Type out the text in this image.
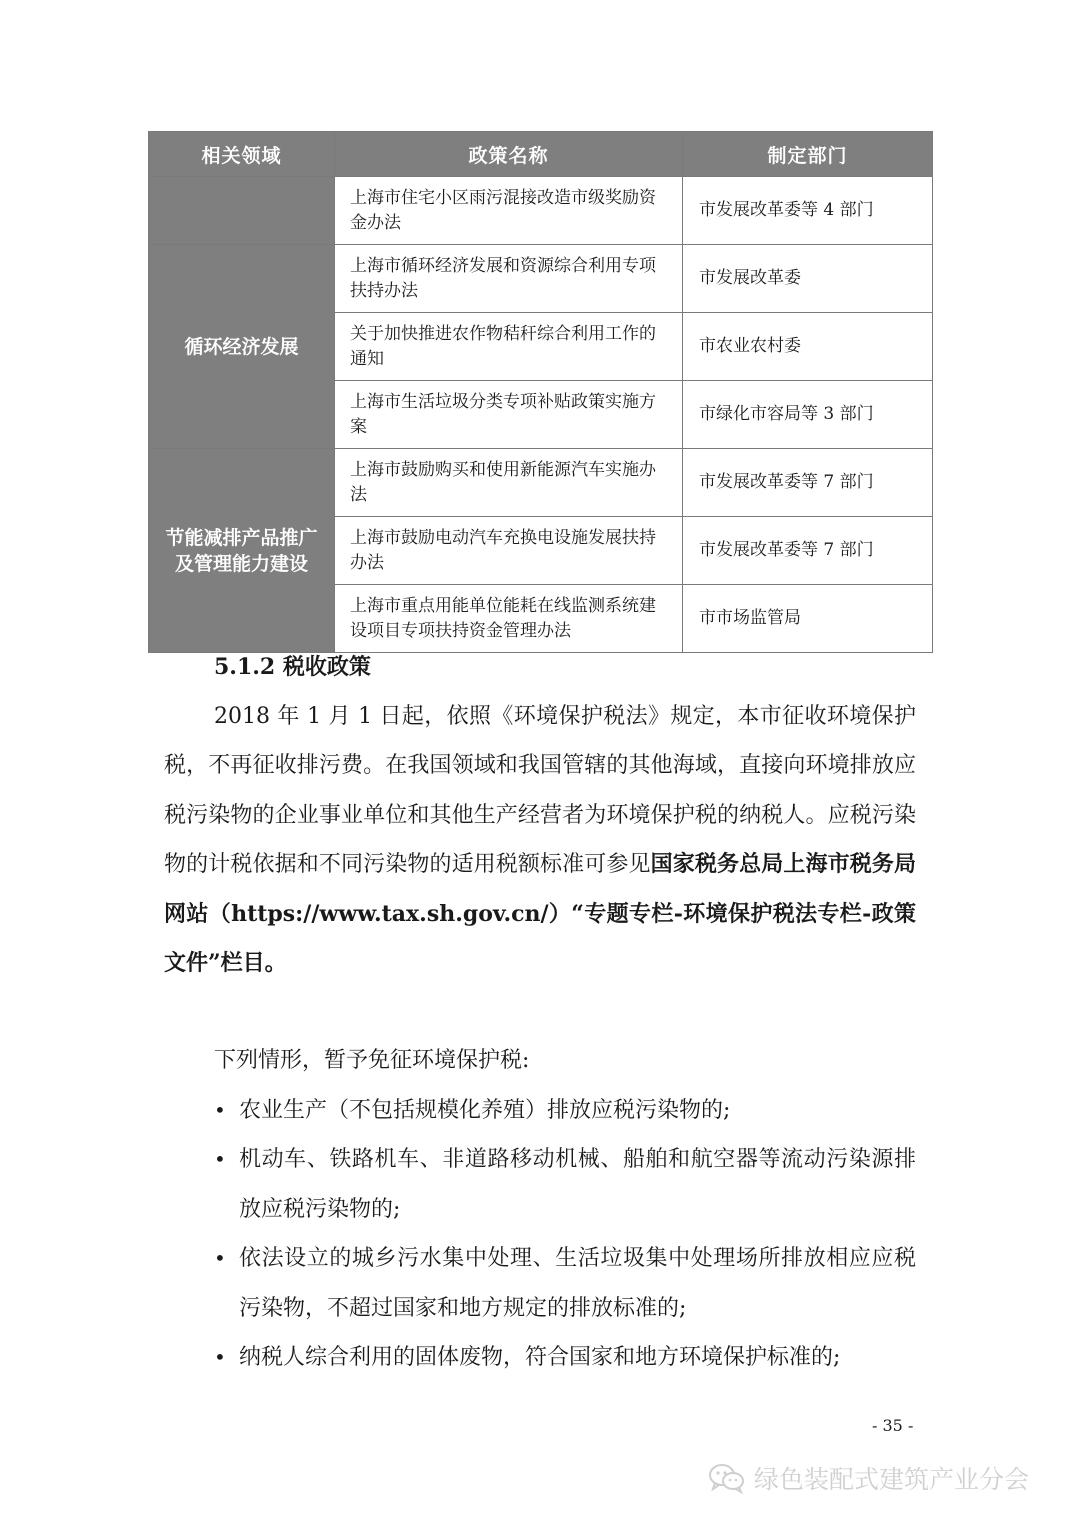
相关领域	政策名称	制定部门
	上海市住宅小区雨污混接改造市级奖励资金办法	市发展改革委等 4 部门
循环经济发展	上海市循环经济发展和资源综合利用专项扶持办法	市发展改革委
	关于加快推进农作物秸秆综合利用工作的通知	市农业农村委
	上海市生活垃圾分类专项补贴政策实施方案	市绿化市容局等 3 部门
节能减排产品推广及管理能力建设	上海市鼓励购买和使用新能源汽车实施办法	市发展改革委等 7 部门
	上海市鼓励电动汽车充换电设施发展扶持办法	市发展改革委等 7 部门
	上海市重点用能单位能耗在线监测系统建设项目专项扶持资金管理办法	市市场监管局
5.1.2 税收政策

2018 年 1 月 1 日起，依照《环境保护税法》规定，本市征收环境保护税，不再征收排污费。在我国领域和我国管辖的其他海域，直接向环境排放应税污染物的企业事业单位和其他生产经营者为环境保护税的纳税人。应税污染物的计税依据和不同污染物的适用税额标准可参见国家税务总局上海市税务局网站（https://www.tax.sh.gov.cn/）“专题专栏-环境保护税法专栏-政策文件”栏目。

下列情形，暂予免征环境保护税:

• 农业生产（不包括规模化养殖）排放应税污染物的;
• 机动车、铁路机车、非道路移动机械、船舶和航空器等流动污染源排放应税污染物的;
• 依法设立的城乡污水集中处理、生活垃圾集中处理场所排放相应应税污染物，不超过国家和地方规定的排放标准的;
• 纳税人综合利用的固体废物，符合国家和地方环境保护标准的;
- 35 -
绿色装配式建筑产业分会
